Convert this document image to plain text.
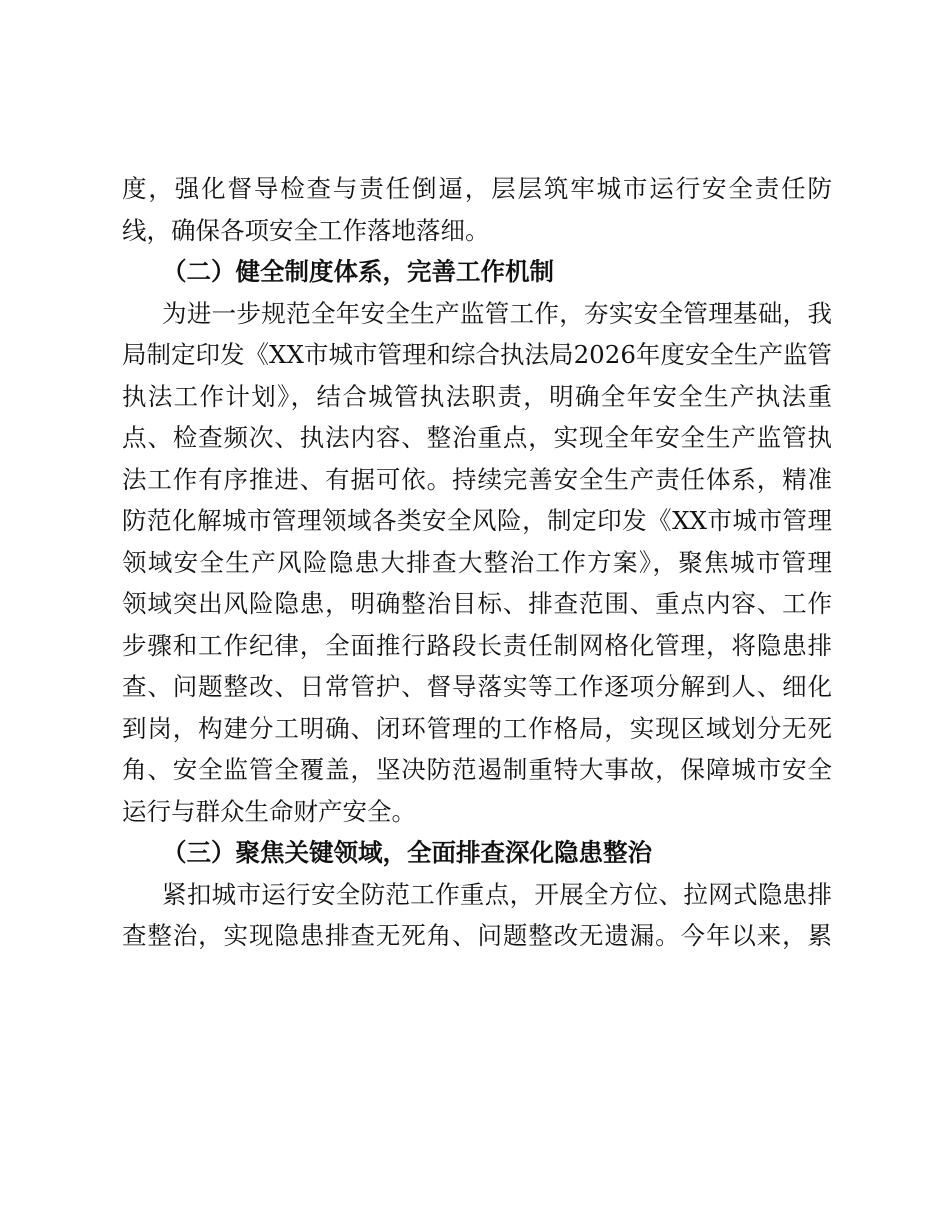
度，强化督导检查与责任倒逼，层层筑牢城市运行安全责任防
线，确保各项安全工作落地落细。
（二）健全制度体系，完善工作机制
为进一步规范全年安全生产监管工作，夯实安全管理基础，我
局制定印发《XX市城市管理和综合执法局2026年度安全生产监管
执法工作计划》，结合城管执法职责，明确全年安全生产执法重
点、检查频次、执法内容、整治重点，实现全年安全生产监管执
法工作有序推进、有据可依。持续完善安全生产责任体系，精准
防范化解城市管理领域各类安全风险，制定印发《XX市城市管理
领域安全生产风险隐患大排查大整治工作方案》，聚焦城市管理
领域突出风险隐患，明确整治目标、排查范围、重点内容、工作
步骤和工作纪律，全面推行路段长责任制网格化管理，将隐患排
查、问题整改、日常管护、督导落实等工作逐项分解到人、细化
到岗，构建分工明确、闭环管理的工作格局，实现区域划分无死
角、安全监管全覆盖，坚决防范遏制重特大事故，保障城市安全
运行与群众生命财产安全。
（三）聚焦关键领域，全面排查深化隐患整治
紧扣城市运行安全防范工作重点，开展全方位、拉网式隐患排
查整治，实现隐患排查无死角、问题整改无遗漏。今年以来，累
